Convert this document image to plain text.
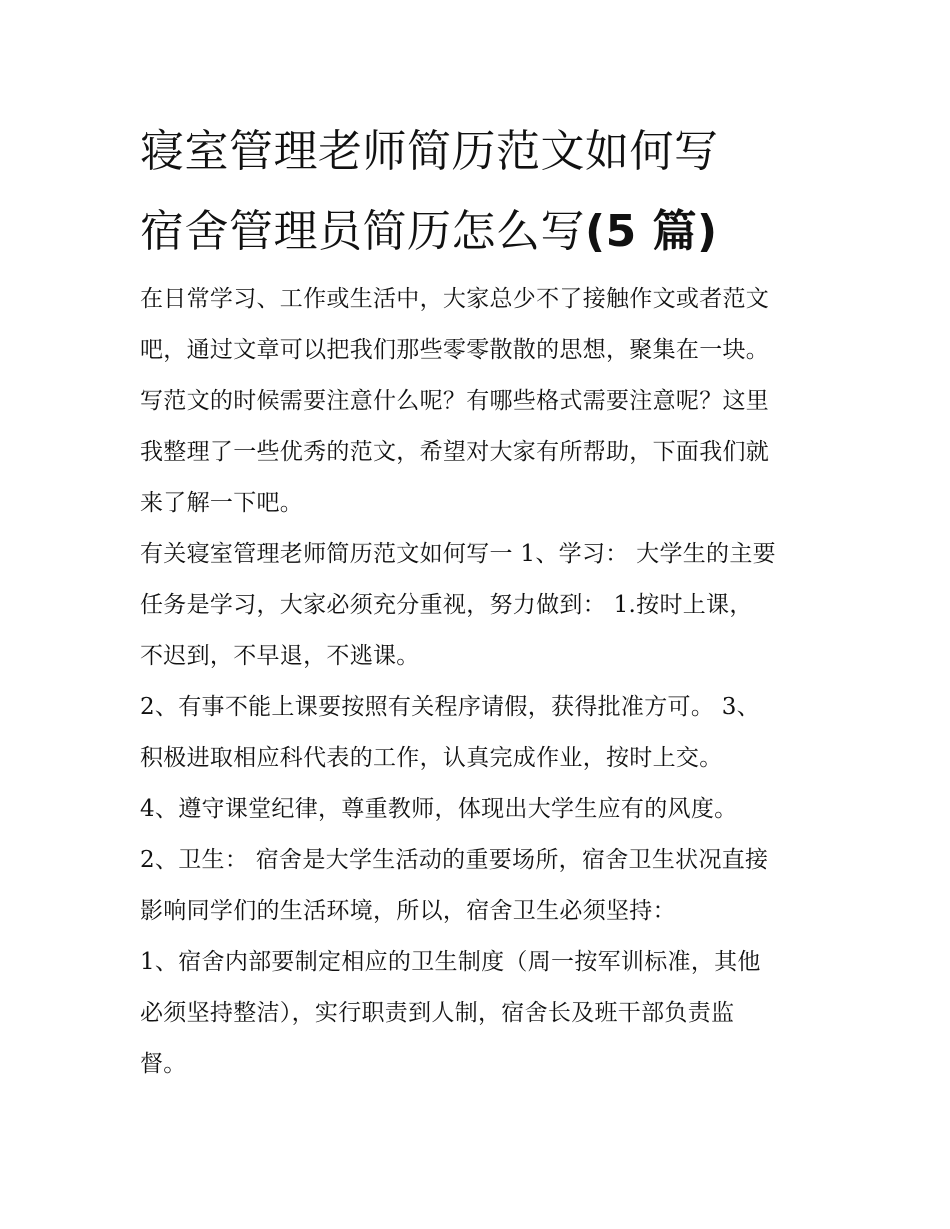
寝室管理老师简历范文如何写
宿舍管理员简历怎么写(5 篇)
在日常学习、工作或生活中，大家总少不了接触作文或者范文
吧，通过文章可以把我们那些零零散散的思想，聚集在一块。
写范文的时候需要注意什么呢？有哪些格式需要注意呢？这里
我整理了一些优秀的范文，希望对大家有所帮助，下面我们就
来了解一下吧。
有关寝室管理老师简历范文如何写一 1、学习： 大学生的主要
任务是学习，大家必须充分重视，努力做到： 1.按时上课，
不迟到，不早退，不逃课。
2、有事不能上课要按照有关程序请假，获得批准方可。 3、
积极进取相应科代表的工作，认真完成作业，按时上交。
4、遵守课堂纪律，尊重教师，体现出大学生应有的风度。
2、卫生： 宿舍是大学生活动的重要场所，宿舍卫生状况直接
影响同学们的生活环境，所以，宿舍卫生必须坚持：
1、宿舍内部要制定相应的卫生制度（周一按军训标准，其他
必须坚持整洁），实行职责到人制，宿舍长及班干部负责监
督。
